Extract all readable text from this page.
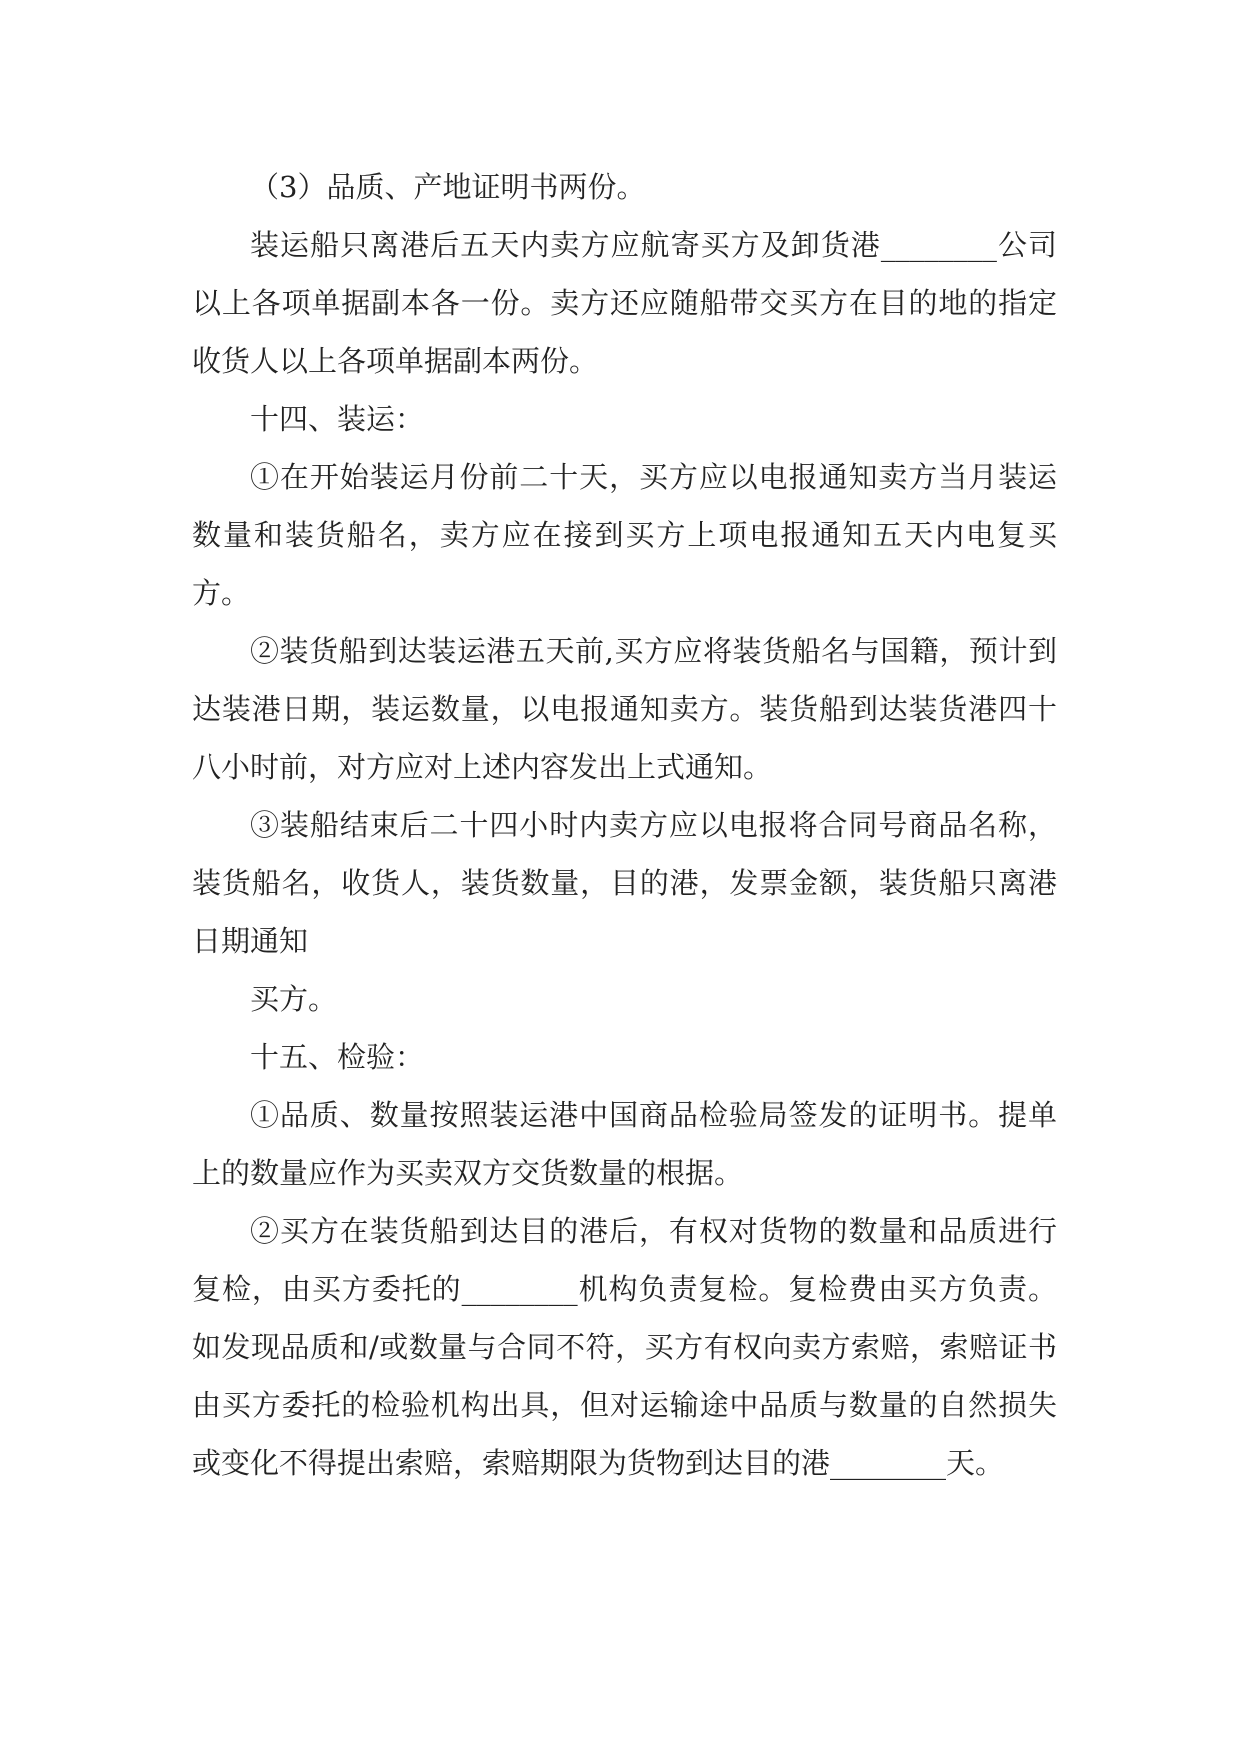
（3）品质、产地证明书两份。

装运船只离港后五天内卖方应航寄买方及卸货港________公司以上各项单据副本各一份。卖方还应随船带交买方在目的地的指定收货人以上各项单据副本两份。

十四、装运：

①在开始装运月份前二十天，买方应以电报通知卖方当月装运数量和装货船名，卖方应在接到买方上项电报通知五天内电复买方。

②装货船到达装运港五天前,买方应将装货船名与国籍，预计到达装港日期，装运数量，以电报通知卖方。装货船到达装货港四十八小时前，对方应对上述内容发出上式通知。

③装船结束后二十四小时内卖方应以电报将合同号商品名称，装货船名，收货人，装货数量，目的港，发票金额，装货船只离港日期通知

买方。

十五、检验：

①品质、数量按照装运港中国商品检验局签发的证明书。提单上的数量应作为买卖双方交货数量的根据。

②买方在装货船到达目的港后，有权对货物的数量和品质进行复检，由买方委托的________机构负责复检。复检费由买方负责。如发现品质和/或数量与合同不符，买方有权向卖方索赔，索赔证书由买方委托的检验机构出具，但对运输途中品质与数量的自然损失或变化不得提出索赔，索赔期限为货物到达目的港________天。
